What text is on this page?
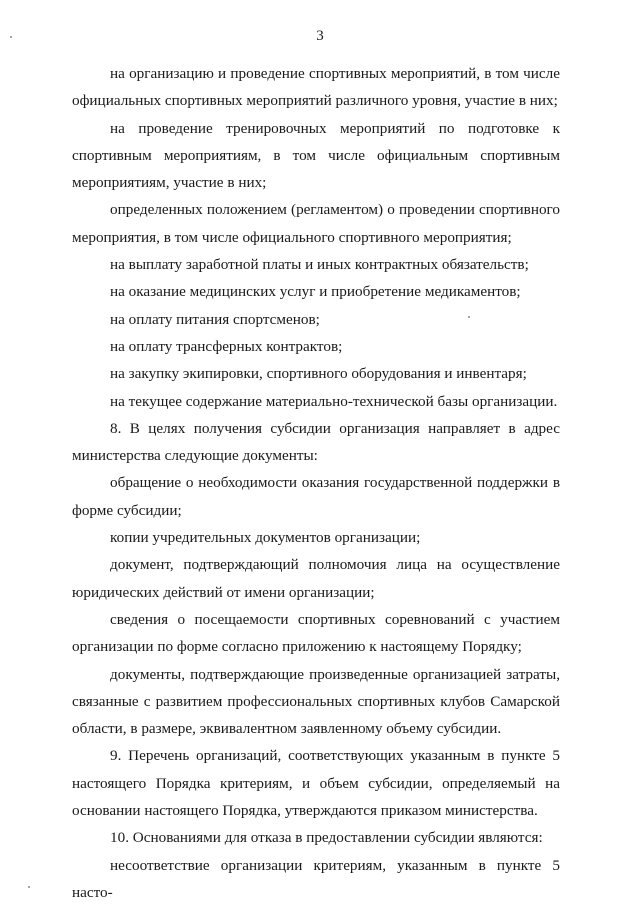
3

на организацию и проведение спортивных мероприятий, в том числе официальных спортивных мероприятий различного уровня, участие в них;

на проведение тренировочных мероприятий по подготовке к спортивным мероприятиям, в том числе официальным спортивным мероприятиям, участие в них;

определенных положением (регламентом) о проведении спортивного мероприятия, в том числе официального спортивного мероприятия;

на выплату заработной платы и иных контрактных обязательств;

на оказание медицинских услуг и приобретение медикаментов;

на оплату питания спортсменов;

на оплату трансферных контрактов;

на закупку экипировки, спортивного оборудования и инвентаря;

на текущее содержание материально-технической базы организации.

8. В целях получения субсидии организация направляет в адрес министерства следующие документы:

обращение о необходимости оказания государственной поддержки в форме субсидии;

копии учредительных документов организации;

документ, подтверждающий полномочия лица на осуществление юридических действий от имени организации;

сведения о посещаемости спортивных соревнований с участием организации по форме согласно приложению к настоящему Порядку;

документы, подтверждающие произведенные организацией затраты, связанные с развитием профессиональных спортивных клубов Самарской области, в размере, эквивалентном заявленному объему субсидии.

9. Перечень организаций, соответствующих указанным в пункте 5 настоящего Порядка критериям, и объем субсидии, определяемый на основании настоящего Порядка, утверждаются приказом министерства.

10. Основаниями для отказа в предоставлении субсидии являются:

несоответствие организации критериям, указанным в пункте 5 насто-
